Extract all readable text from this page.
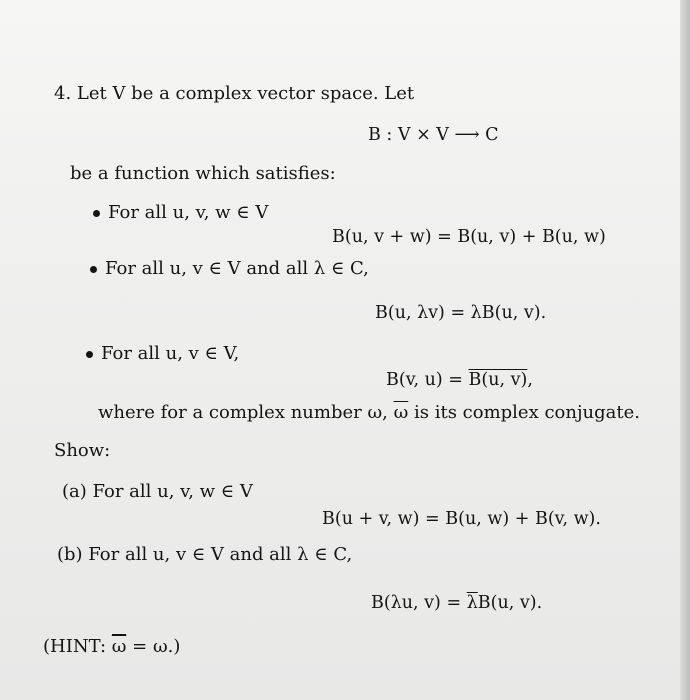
4. Let V be a complex vector space. Let
B : V × V ⟶ C
be a function which satisfies:
For all u, v, w ∈ V
B(u, v + w) = B(u, v) + B(u, w)
For all u, v ∈ V and all λ ∈ C,
B(u, λv) = λB(u, v).
For all u, v ∈ V,
B(v, u) = B(u, v),
where for a complex number ω, $\overline{\omega}$ is its complex conjugate.
Show:
(a) For all u, v, w ∈ V
B(u + v, w) = B(u, w) + B(v, w).
(b) For all u, v ∈ V and all λ ∈ C,
B(λu, $v) = \overline{\lambda}B(u$, v).
(HINT: $\overline{\omega} = \omega$.)
